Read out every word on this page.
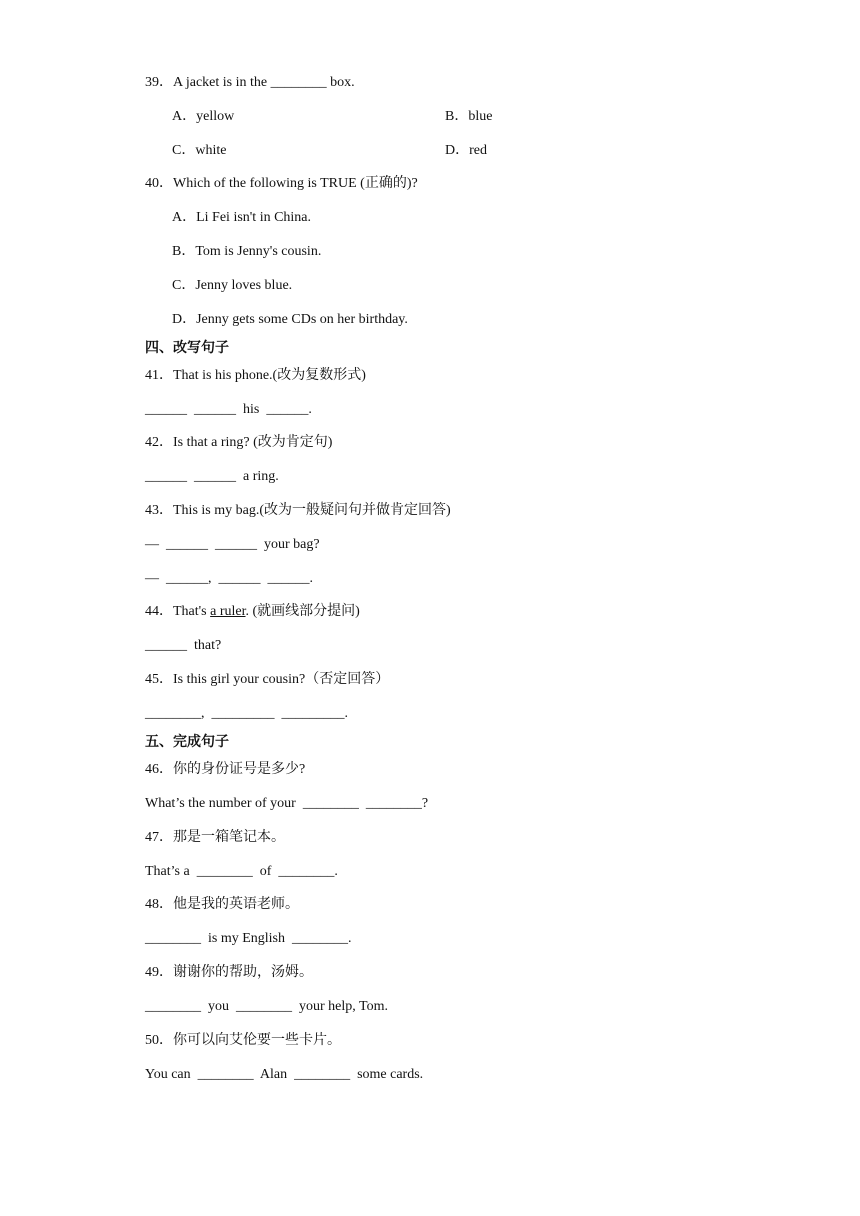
39．A jacket is in the ________ box.
A．yellow	B．blue
C．white	D．red
40．Which of the following is TRUE (正确的)?
A．Li Fei isn't in China.
B．Tom is Jenny's cousin.
C．Jenny loves blue.
D．Jenny gets some CDs on her birthday.
四、改写句子
41．That is his phone.(改为复数形式)
______  ______  his  ______.
42．Is that a ring? (改为肯定句)
______  ______  a ring.
43．This is my bag.(改为一般疑问句并做肯定回答)
—  ______  ______  your bag?
—  ______,  ______  ______.
44．That's a ruler. (就画线部分提问)
______  that?
45．Is this girl your cousin?（否定回答）
________,  _________  _________.
五、完成句子
46．你的身份证号是多少?
What’s the number of your  ________  ________?
47．那是一箱笔记本。
That’s a  ________  of  ________.
48．他是我的英语老师。
________  is my English  ________.
49．谢谢你的帮助，汤姆。
________  you  ________  your help, Tom.
50．你可以向艾伦要一些卡片。
You can  ________  Alan  ________  some cards.
